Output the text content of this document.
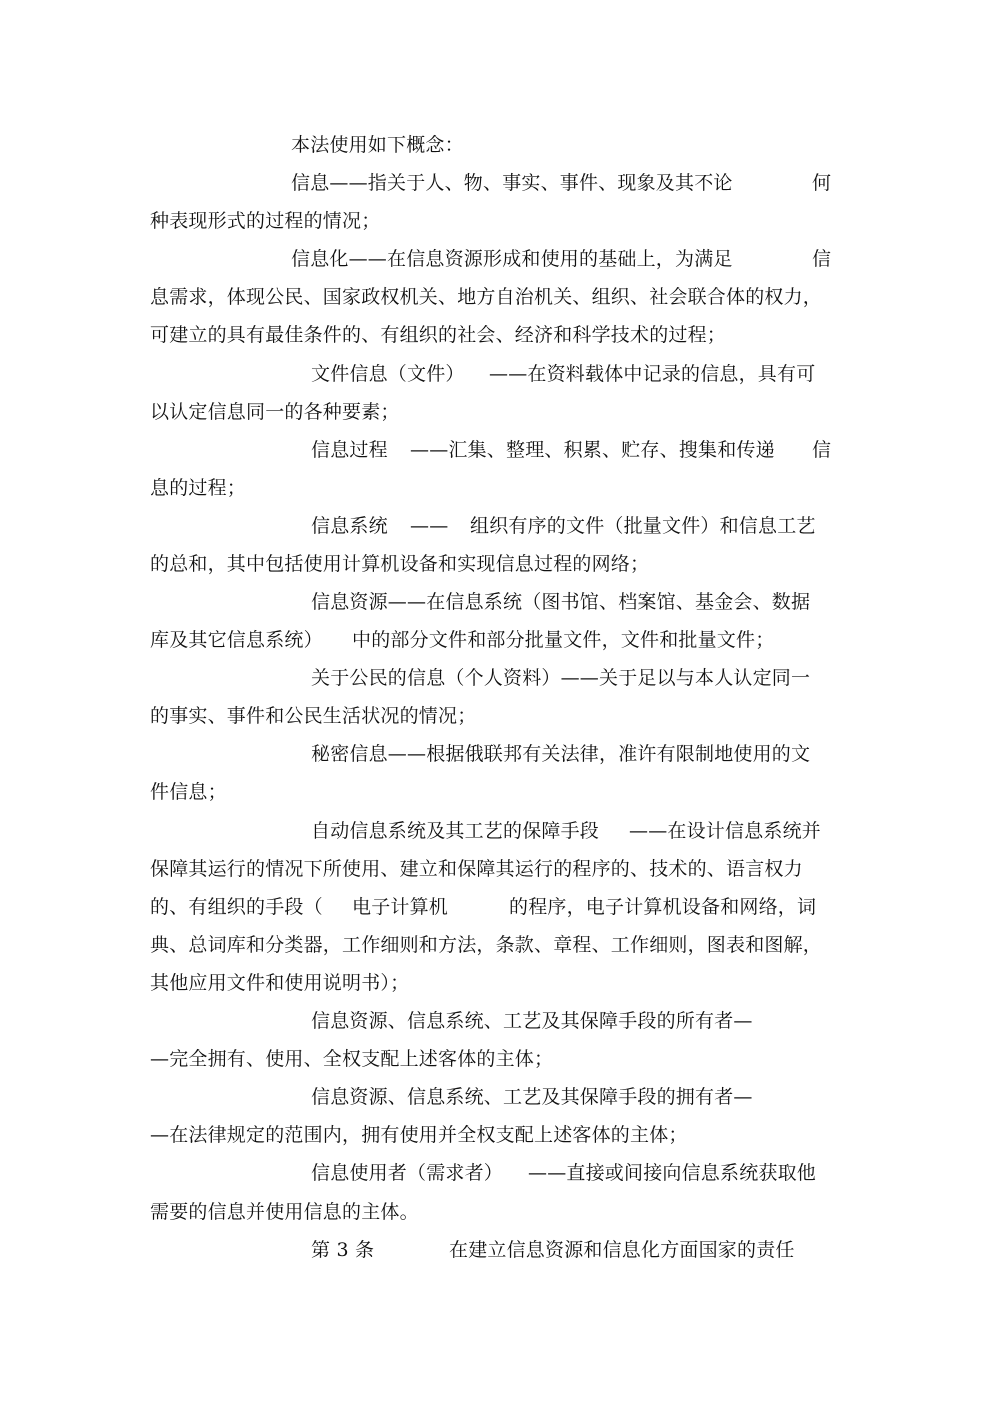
本法使用如下概念：
信息——指关于人、物、事实、事件、现象及其不论	何
种表现形式的过程的情况；
信息化——在信息资源形成和使用的基础上，为满足	信
息需求，体现公民、国家政权机关、地方自治机关、组织、社会联合体的权力，
可建立的具有最佳条件的、有组织的社会、经济和科学技术的过程；
文件信息（文件） ——在资料载体中记录的信息，具有可
以认定信息同一的各种要素；
信息过程 ——汇集、整理、积累、贮存、搜集和传递 信
息的过程；
信息系统 —— 组织有序的文件（批量文件）和信息工艺
的总和，其中包括使用计算机设备和实现信息过程的网络；
信息资源——在信息系统（图书馆、档案馆、基金会、数据
库及其它信息系统） 中的部分文件和部分批量文件，文件和批量文件；
关于公民的信息（个人资料）——关于足以与本人认定同一
的事实、事件和公民生活状况的情况；
秘密信息——根据俄联邦有关法律，准许有限制地使用的文
件信息；
自动信息系统及其工艺的保障手段 ——在设计信息系统并
保障其运行的情况下所使用、建立和保障其运行的程序的、技术的、语言权力
的、有组织的手段（ 电子计算机	的程序，电子计算机设备和网络，词
典、总词库和分类器，工作细则和方法，条款、章程、工作细则，图表和图解，
其他应用文件和使用说明书）；
信息资源、信息系统、工艺及其保障手段的所有者—
—完全拥有、使用、全权支配上述客体的主体；
信息资源、信息系统、工艺及其保障手段的拥有者—
—在法律规定的范围内，拥有使用并全权支配上述客体的主体；
信息使用者（需求者） ——直接或间接向信息系统获取他
需要的信息并使用信息的主体。
第 3 条	在建立信息资源和信息化方面国家的责任
